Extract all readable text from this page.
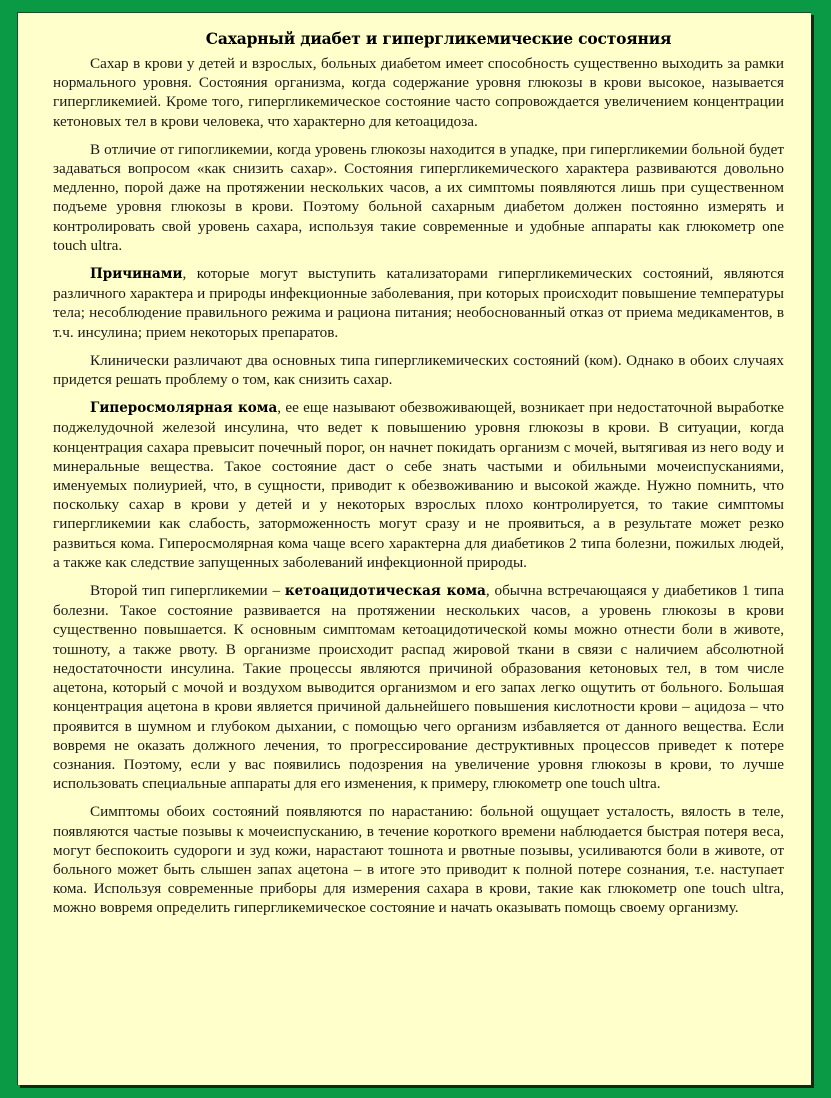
Сахарный диабет и гипергликемические состояния

Сахар в крови у детей и взрослых, больных диабетом имеет способность существенно выходить за рамки нормального уровня. Состояния организма, когда содержание уровня глюкозы в крови высокое, называется гипергликемией. Кроме того, гипергликемическое состояние часто сопровождается увеличением концентрации кетоновых тел в крови человека, что характерно для кетоацидоза.

В отличие от гипогликемии, когда уровень глюкозы находится в упадке, при гипергликемии больной будет задаваться вопросом «как снизить сахар». Состояния гипергликемического характера развиваются довольно медленно, порой даже на протяжении нескольких часов, а их симптомы появляются лишь при существенном подъеме уровня глюкозы в крови. Поэтому больной сахарным диабетом должен постоянно измерять и контролировать свой уровень сахара, используя такие современные и удобные аппараты как глюкометр one touch ultra.

Причинами, которые могут выступить катализаторами гипергликемических состояний, являются различного характера и природы инфекционные заболевания, при которых происходит повышение температуры тела; несоблюдение правильного режима и рациона питания; необоснованный отказ от приема медикаментов, в т.ч. инсулина; прием некоторых препаратов.

Клинически различают два основных типа гипергликемических состояний (ком). Однако в обоих случаях придется решать проблему о том, как снизить сахар.

Гиперосмолярная кома, ее еще называют обезвоживающей, возникает при недостаточной выработке поджелудочной железой инсулина, что ведет к повышению уровня глюкозы в крови. В ситуации, когда концентрация сахара превысит почечный порог, он начнет покидать организм с мочей, вытягивая из него воду и минеральные вещества. Такое состояние даст о себе знать частыми и обильными мочеиспусканиями, именуемых полиурией, что, в сущности, приводит к обезвоживанию и высокой жажде. Нужно помнить, что поскольку сахар в крови у детей и у некоторых взрослых плохо контролируется, то такие симптомы гипергликемии как слабость, заторможенность могут сразу и не проявиться, а в результате может резко развиться кома. Гиперосмолярная кома чаще всего характерна для диабетиков 2 типа болезни, пожилых людей, а также как следствие запущенных заболеваний инфекционной природы.

Второй тип гипергликемии – кетоацидотическая кома, обычна встречающаяся у диабетиков 1 типа болезни. Такое состояние развивается на протяжении нескольких часов, а уровень глюкозы в крови существенно повышается. К основным симптомам кетоацидотической комы можно отнести боли в животе, тошноту, а также рвоту. В организме происходит распад жировой ткани в связи с наличием абсолютной недостаточности инсулина. Такие процессы являются причиной образования кетоновых тел, в том числе ацетона, который с мочой и воздухом выводится организмом и его запах легко ощутить от больного. Большая концентрация ацетона в крови является причиной дальнейшего повышения кислотности крови – ацидоза – что проявится в шумном и глубоком дыхании, с помощью чего организм избавляется от данного вещества. Если вовремя не оказать должного лечения, то прогрессирование деструктивных процессов приведет к потере сознания. Поэтому, если у вас появились подозрения на увеличение уровня глюкозы в крови, то лучше использовать специальные аппараты для его изменения, к примеру, глюкометр one touch ultra.

Симптомы обоих состояний появляются по нарастанию: больной ощущает усталость, вялость в теле, появляются частые позывы к мочеиспусканию, в течение короткого времени наблюдается быстрая потеря веса, могут беспокоить судороги и зуд кожи, нарастают тошнота и рвотные позывы, усиливаются боли в животе, от больного может быть слышен запах ацетона – в итоге это приводит к полной потере сознания, т.е. наступает кома. Используя современные приборы для измерения сахара в крови, такие как глюкометр one touch ultra, можно вовремя определить гипергликемическое состояние и начать оказывать помощь своему организму.
